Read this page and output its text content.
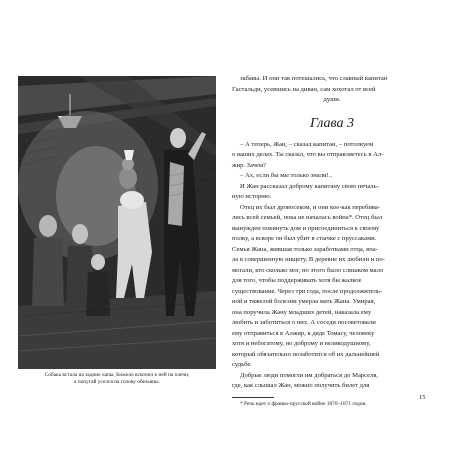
Собака встала на задние лапы, Бижоло вскочил к ней на плечи,
а попугай уселся на голову обезьяны.
забавы. И они так потешались, что славный капитан
Гастальди, усевшись на диван, сам хохотал от всей
души.
Глава 3
– А теперь, Жан, – сказал капитан, – потолкуем
о ваших делах. Ты сказал, что вы отправляетесь в Ал-
жир. Зачем?
– Ах, если бы мы только знали!..
И Жан рассказал доброму капитану свою печаль-
ную историю.
Отец их был дровосеком, и они кое-как перебива-
лись всей семьей, пока не началась война*. Отец был
вынужден покинуть дом и присоединиться к своему
полку, а вскоре он был убит в стычке с пруссаками.
Семья Жана, жившая только заработками отца, впа-
ла в совершенную нищету. В деревне их любили и по-
могали, кто сколько мог, но этого было слишком мало
для того, чтобы поддерживать хотя бы жалкое
существование. Через три года, после продолжитель-
ной и тяжелой болезни умерла мать Жана. Умирая,
она поручила Жану младших детей, наказала ему
любить и заботиться о них. А соседи посоветовали
ему отправиться в Алжир, к дяде Томасу, человеку
хотя и небогатому, но доброму и великодушному,
который обязательно позаботится об их дальнейшей
судьбе.
Добрые люди помогли им добраться до Марселя,
где, как слышал Жан, можно получить билет для
* Речь идет о франко-прусской войне 1870–1871 годов.
15
